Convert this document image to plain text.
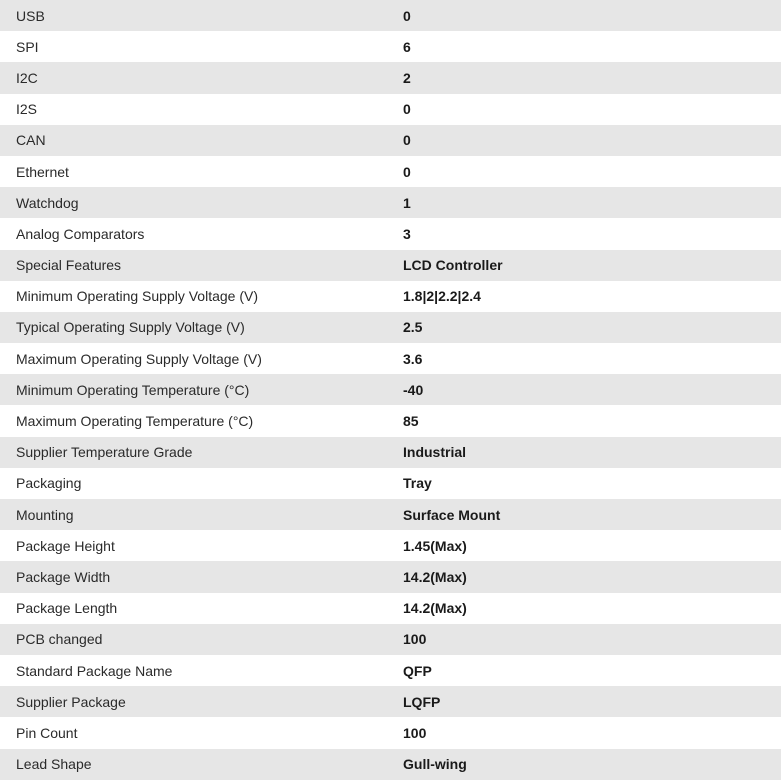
USB	0
SPI	6
I2C	2
I2S	0
CAN	0
Ethernet	0
Watchdog	1
Analog Comparators	3
Special Features	LCD Controller
Minimum Operating Supply Voltage (V)	1.8|2|2.2|2.4
Typical Operating Supply Voltage (V)	2.5
Maximum Operating Supply Voltage (V)	3.6
Minimum Operating Temperature (°C)	-40
Maximum Operating Temperature (°C)	85
Supplier Temperature Grade	Industrial
Packaging	Tray
Mounting	Surface Mount
Package Height	1.45(Max)
Package Width	14.2(Max)
Package Length	14.2(Max)
PCB changed	100
Standard Package Name	QFP
Supplier Package	LQFP
Pin Count	100
Lead Shape	Gull-wing
